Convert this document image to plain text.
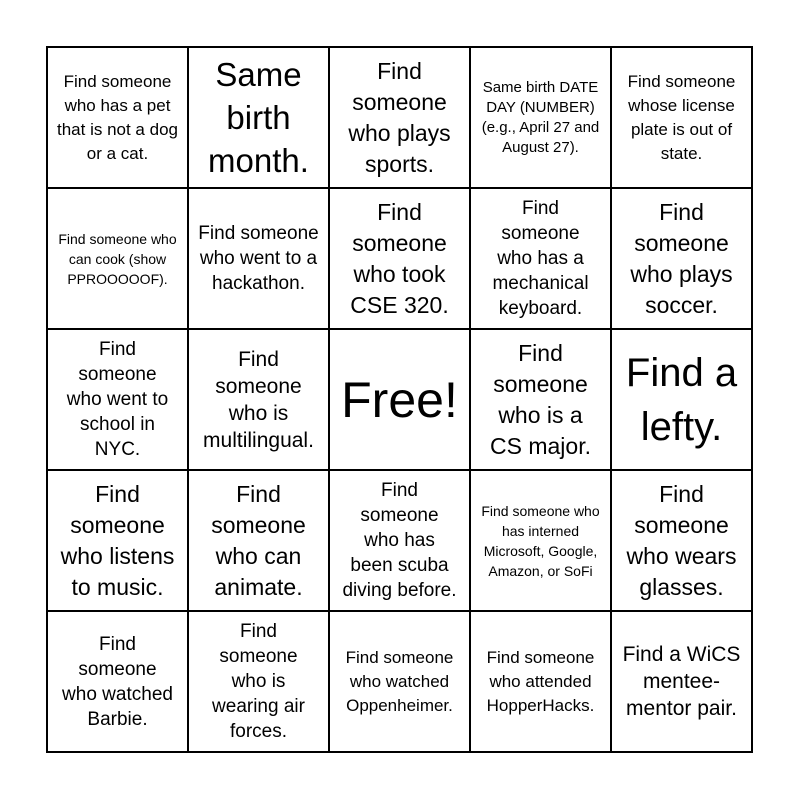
Find someone who has a pet that is not a dog or a cat.
Same birth month.
Find someone who plays sports.
Same birth DATE DAY (NUMBER) (e.g., April 27 and August 27).
Find someone whose license plate is out of state.
Find someone who can cook (show PPROOOOOF).
Find someone who went to a hackathon.
Find someone who took CSE 320.
Find someone who has a mechanical keyboard.
Find someone who plays soccer.
Find someone who went to school in NYC.
Find someone who is multilingual.
Free!
Find someone who is a CS major.
Find a lefty.
Find someone who listens to music.
Find someone who can animate.
Find someone who has been scuba diving before.
Find someone who has interned Microsoft, Google, Amazon, or SoFi
Find someone who wears glasses.
Find someone who watched Barbie.
Find someone who is wearing air forces.
Find someone who watched Oppenheimer.
Find someone who attended HopperHacks.
Find a WiCS mentee-mentor pair.
